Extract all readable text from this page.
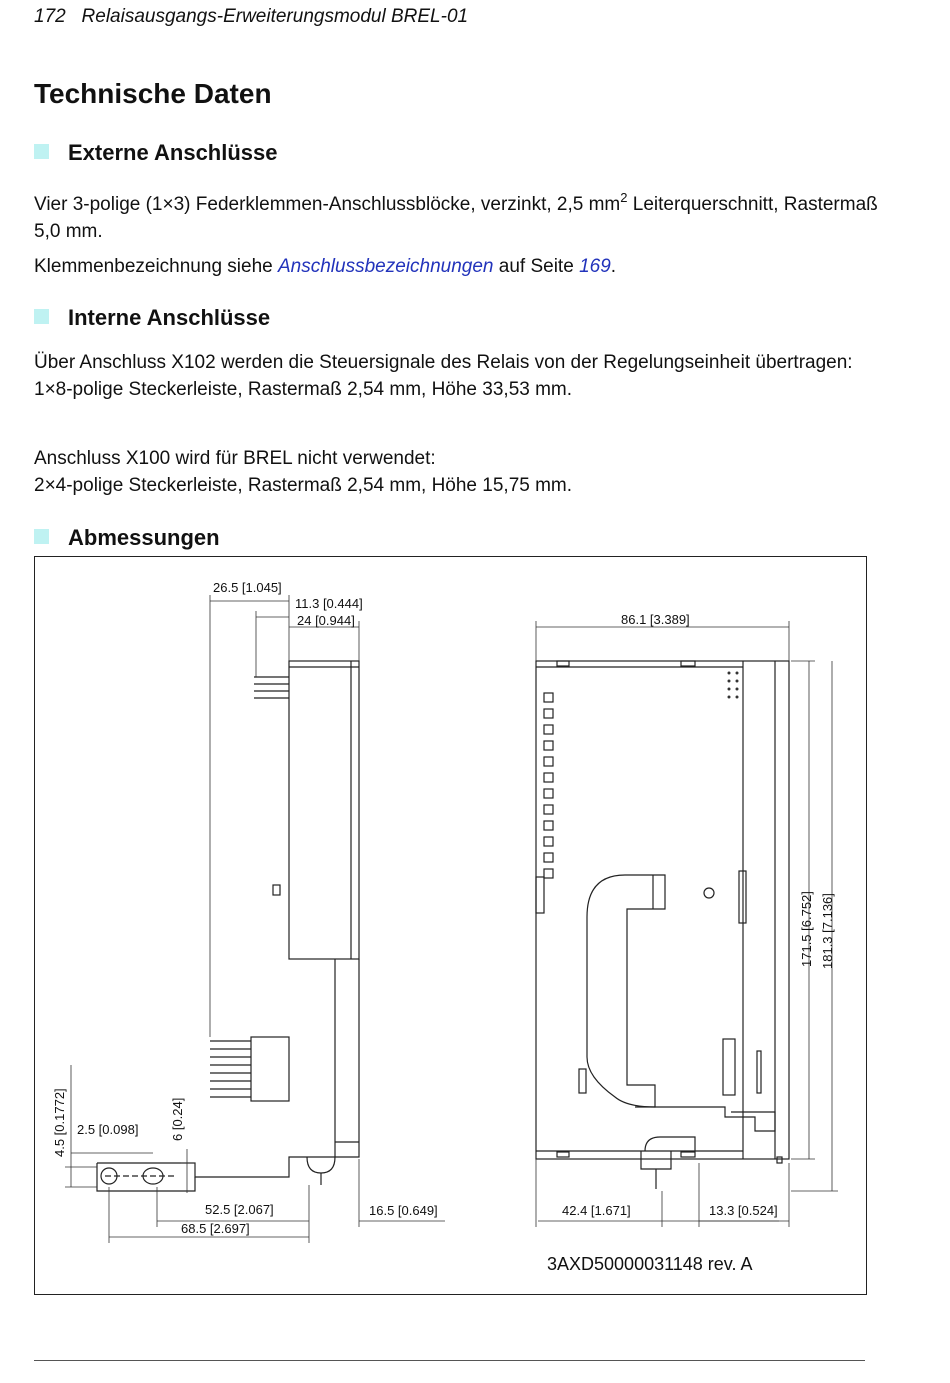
172 Relaisausgangs-Erweiterungsmodul BREL-01
Technische Daten
Externe Anschlüsse

Vier 3-polige (1×3) Federklemmen-Anschlussblöcke, verzinkt, 2,5 $mm^2$ Leiterquerschnitt, Rastermaß 5,0 mm.

Klemmenbezeichnung siehe Anschlussbezeichnungen auf Seite 169.

Interne Anschlüsse

Über Anschluss X102 werden die Steuersignale des Relais von der Regelungseinheit übertragen:
1×8-polige Steckerleiste, Rastermaß 2,54 mm, Höhe 33,53 mm.

Anschluss X100 wird für BREL nicht verwendet:
2×4-polige Steckerleiste, Rastermaß 2,54 mm, Höhe 15,75 mm.

Abmessungen
26.5 [1.045]
11.3 [0.444]
24 [0.944]	86.1 [3.389]
171.5 [6.752] 181.3 [7.136]
4.5 [0.1772] 2.5 [0.098] 6 [0.24]
52.5 [2.067]
68.5 [2.697]
16.5 [0.649]	42.4 [1.671]	13.3 [0.524]
3AXD50000031148 rev. A
